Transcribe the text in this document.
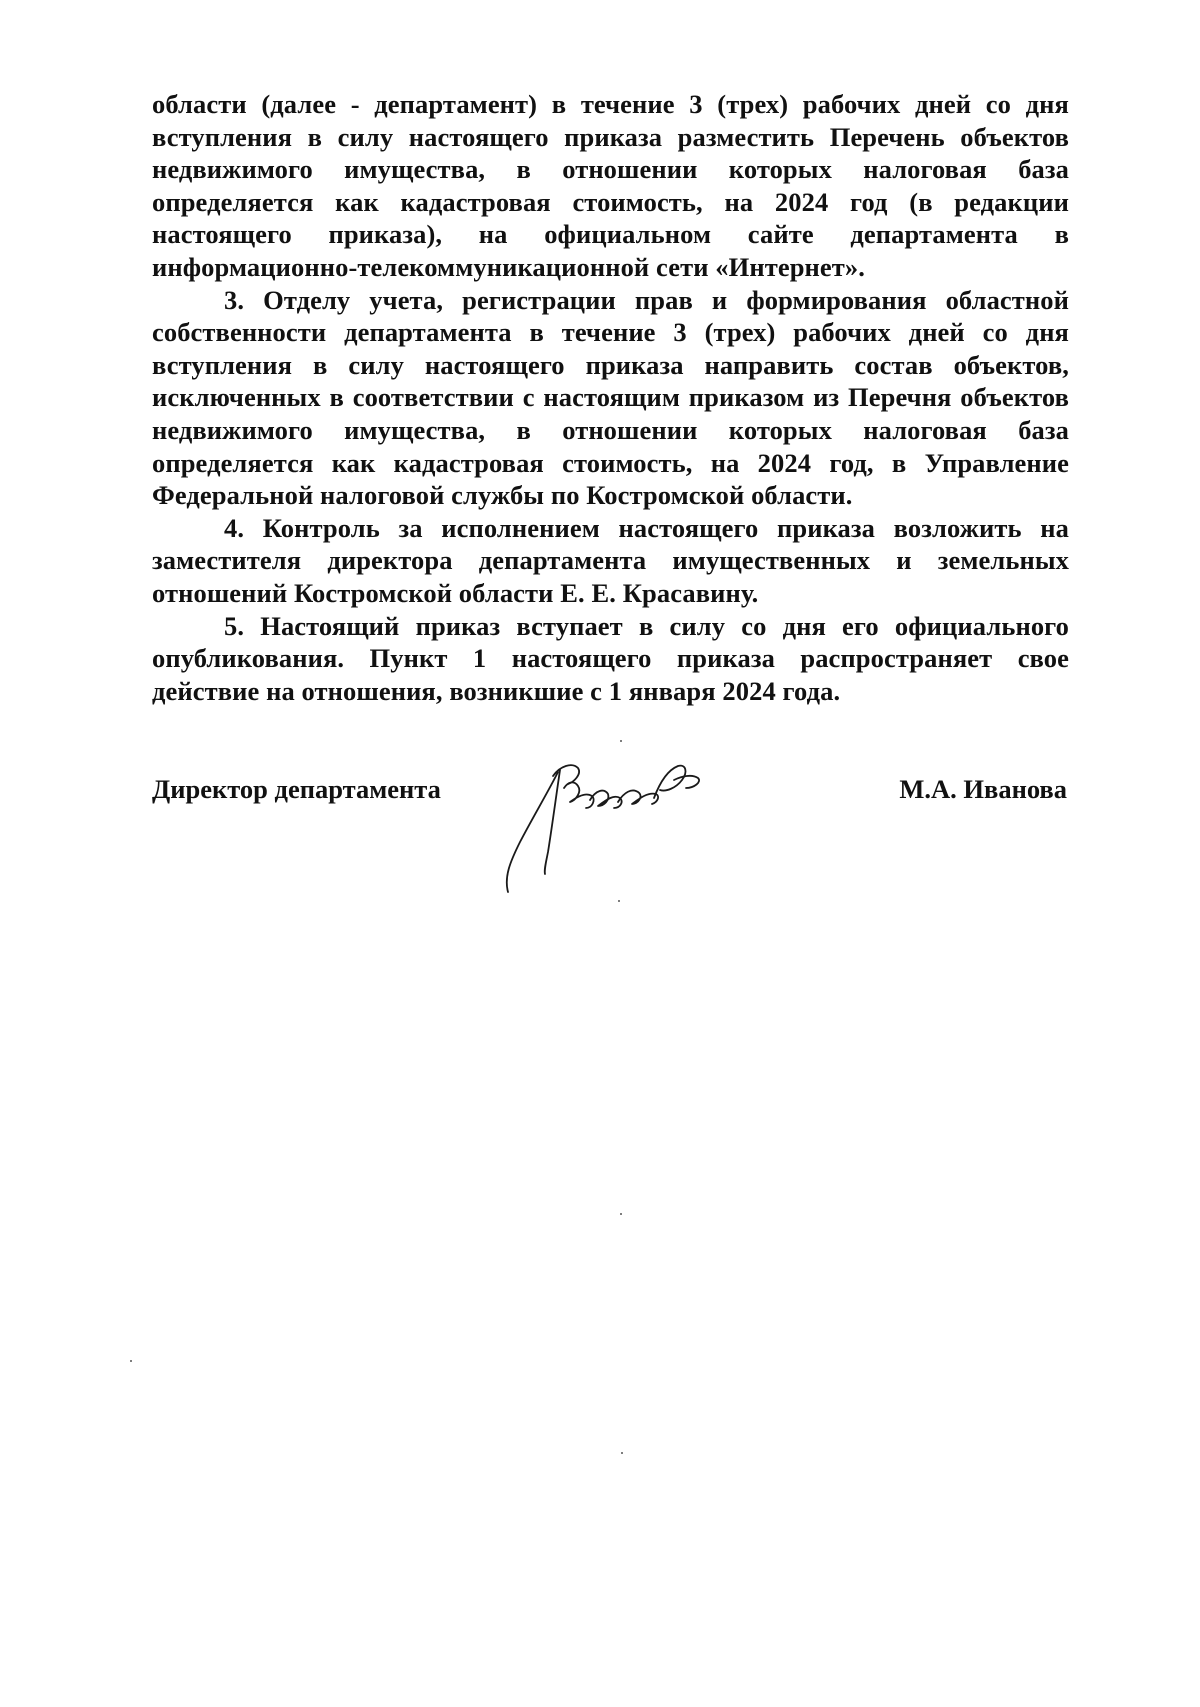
области (далее - департамент) в течение 3 (трех) рабочих дней со дня вступления в силу настоящего приказа разместить Перечень объектов недвижимого имущества, в отношении которых налоговая база определяется как кадастровая стоимость, на 2024 год (в редакции настоящего приказа), на официальном сайте департамента в информационно-телекоммуникационной сети «Интернет».

3. Отделу учета, регистрации прав и формирования областной собственности департамента в течение 3 (трех) рабочих дней со дня вступления в силу настоящего приказа направить состав объектов, исключенных в соответствии с настоящим приказом из Перечня объектов недвижимого имущества, в отношении которых налоговая база определяется как кадастровая стоимость, на 2024 год, в Управление Федеральной налоговой службы по Костромской области.

4. Контроль за исполнением настоящего приказа возложить на заместителя директора департамента имущественных и земельных отношений Костромской области Е. Е. Красавину.

5. Настоящий приказ вступает в силу со дня его официального опубликования. Пункт 1 настоящего приказа распространяет свое действие на отношения, возникшие с 1 января 2024 года.

Директор департамента	М.А. Иванова
